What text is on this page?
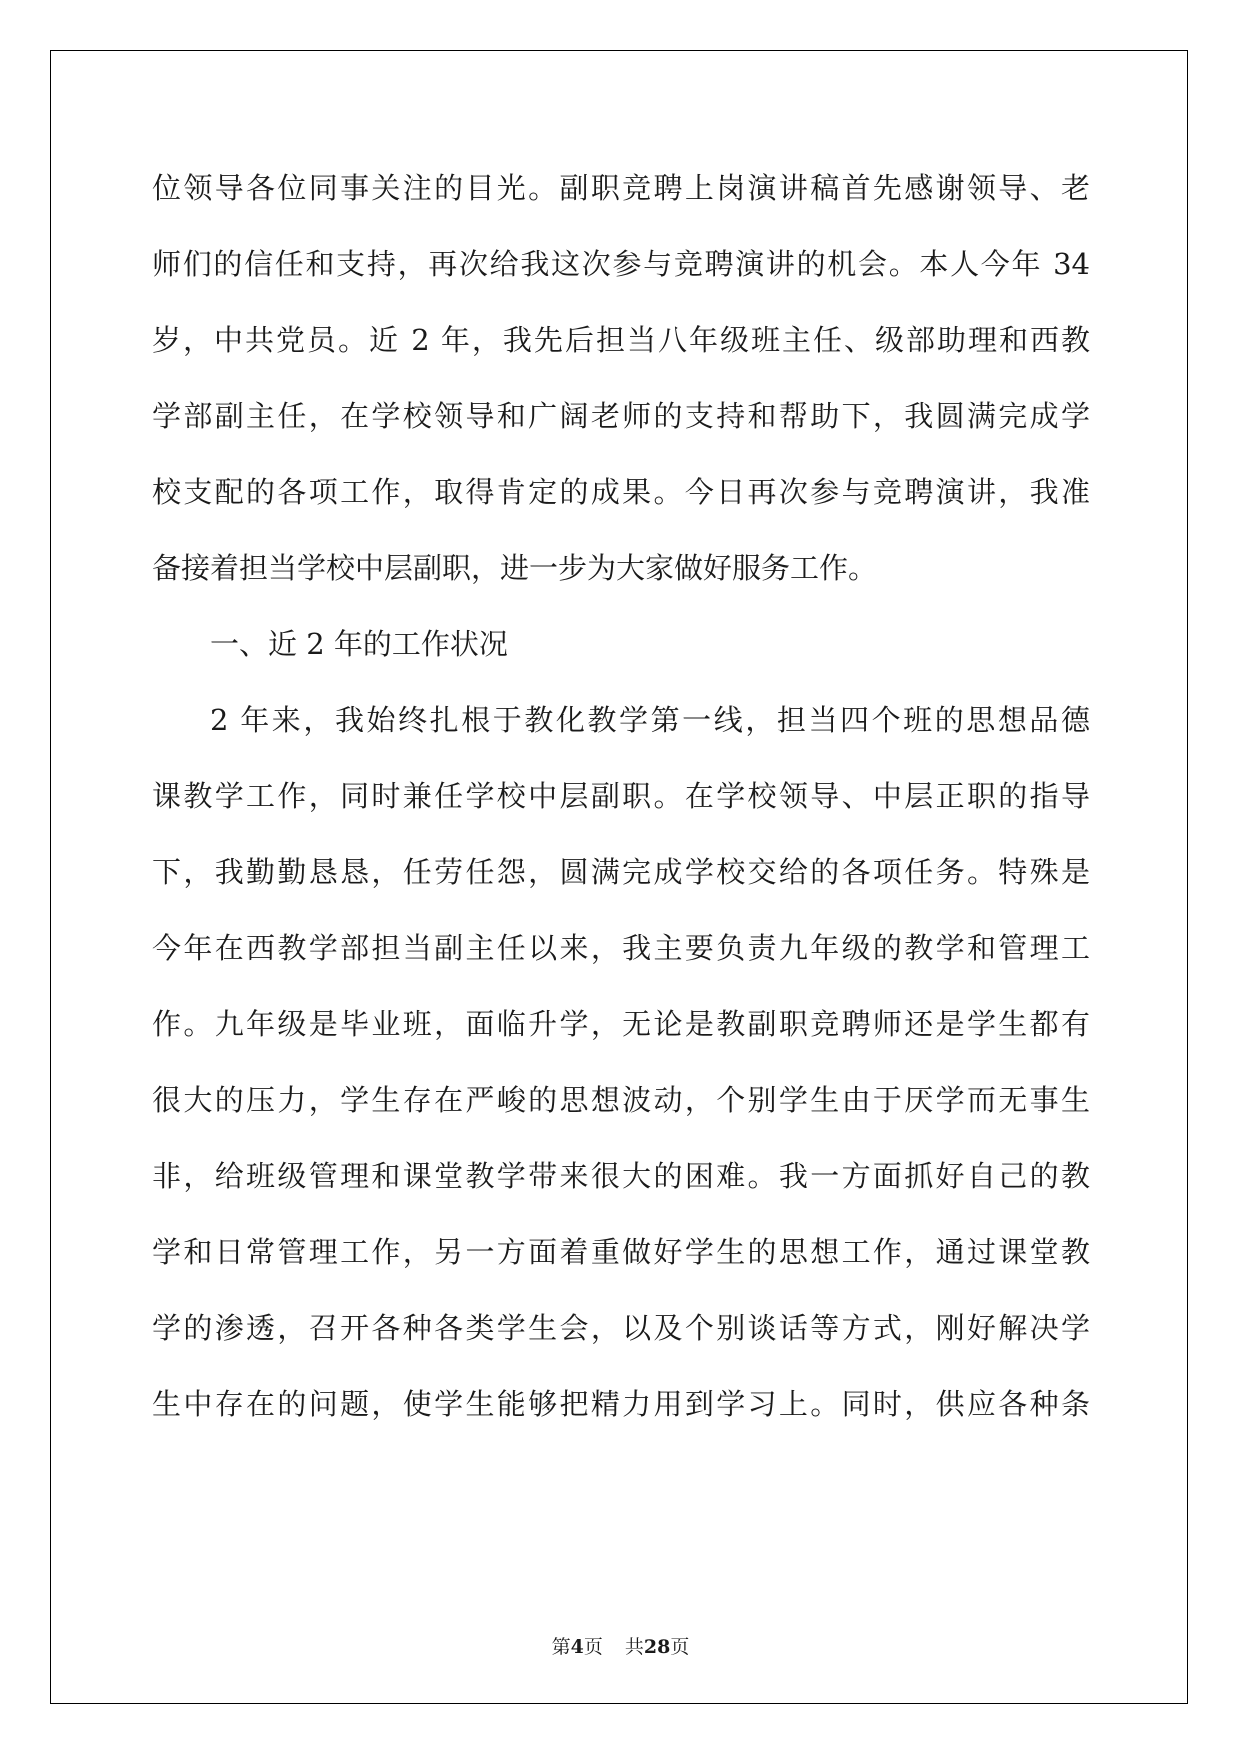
位领导各位同事关注的目光。副职竞聘上岗演讲稿首先感谢领导、老
师们的信任和支持，再次给我这次参与竞聘演讲的机会。本人今年 34
岁，中共党员。近 2 年，我先后担当八年级班主任、级部助理和西教
学部副主任，在学校领导和广阔老师的支持和帮助下，我圆满完成学
校支配的各项工作，取得肯定的成果。今日再次参与竞聘演讲，我准
备接着担当学校中层副职，进一步为大家做好服务工作。
一、近 2 年的工作状况
2 年来，我始终扎根于教化教学第一线，担当四个班的思想品德
课教学工作，同时兼任学校中层副职。在学校领导、中层正职的指导
下，我勤勤恳恳，任劳任怨，圆满完成学校交给的各项任务。特殊是
今年在西教学部担当副主任以来，我主要负责九年级的教学和管理工
作。九年级是毕业班，面临升学，无论是教副职竞聘师还是学生都有
很大的压力，学生存在严峻的思想波动，个别学生由于厌学而无事生
非，给班级管理和课堂教学带来很大的困难。我一方面抓好自己的教
学和日常管理工作，另一方面着重做好学生的思想工作，通过课堂教
学的渗透，召开各种各类学生会，以及个别谈话等方式，刚好解决学
生中存在的问题，使学生能够把精力用到学习上。同时，供应各种条
第4页 共28页
